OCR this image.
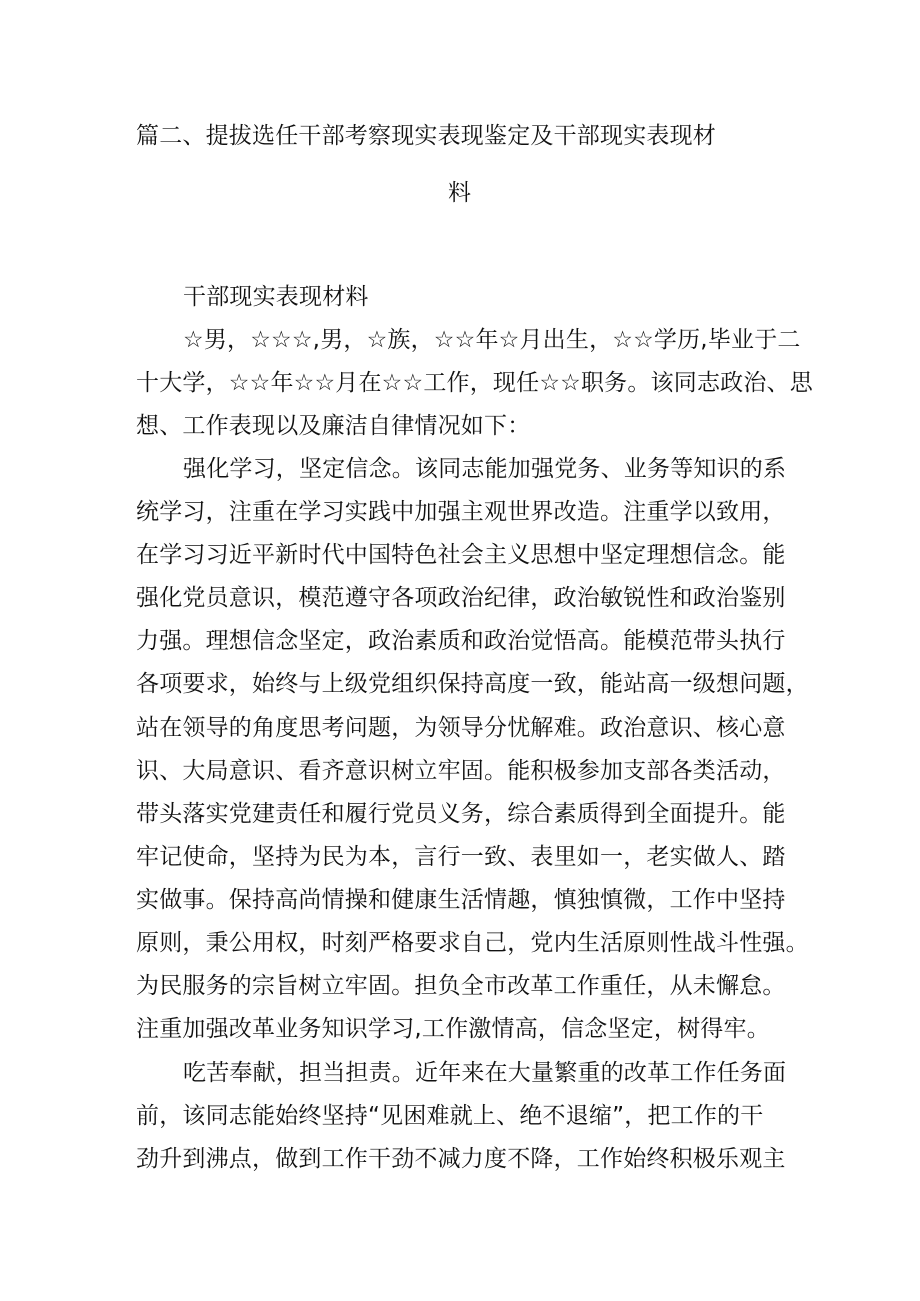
篇二、提拔选任干部考察现实表现鉴定及干部现实表现材
料
干部现实表现材料
☆男，☆☆☆,男，☆族，☆☆年☆月出生，☆☆学历,毕业于二
十大学，☆☆年☆☆月在☆☆工作，现任☆☆职务。该同志政治、思
想、工作表现以及廉洁自律情况如下：
强化学习，坚定信念。该同志能加强党务、业务等知识的系
统学习，注重在学习实践中加强主观世界改造。注重学以致用，
在学习习近平新时代中国特色社会主义思想中坚定理想信念。能
强化党员意识，模范遵守各项政治纪律，政治敏锐性和政治鉴别
力强。理想信念坚定，政治素质和政治觉悟高。能模范带头执行
各项要求，始终与上级党组织保持高度一致，能站高一级想问题，
站在领导的角度思考问题，为领导分忧解难。政治意识、核心意
识、大局意识、看齐意识树立牢固。能积极参加支部各类活动，
带头落实党建责任和履行党员义务，综合素质得到全面提升。能
牢记使命，坚持为民为本，言行一致、表里如一，老实做人、踏
实做事。保持高尚情操和健康生活情趣，慎独慎微，工作中坚持
原则，秉公用权，时刻严格要求自己，党内生活原则性战斗性强。
为民服务的宗旨树立牢固。担负全市改革工作重任，从未懈怠。
注重加强改革业务知识学习,工作激情高，信念坚定，树得牢。
吃苦奉献，担当担责。近年来在大量繁重的改革工作任务面
前，该同志能始终坚持“见困难就上、绝不退缩”，把工作的干
劲升到沸点，做到工作干劲不减力度不降，工作始终积极乐观主
